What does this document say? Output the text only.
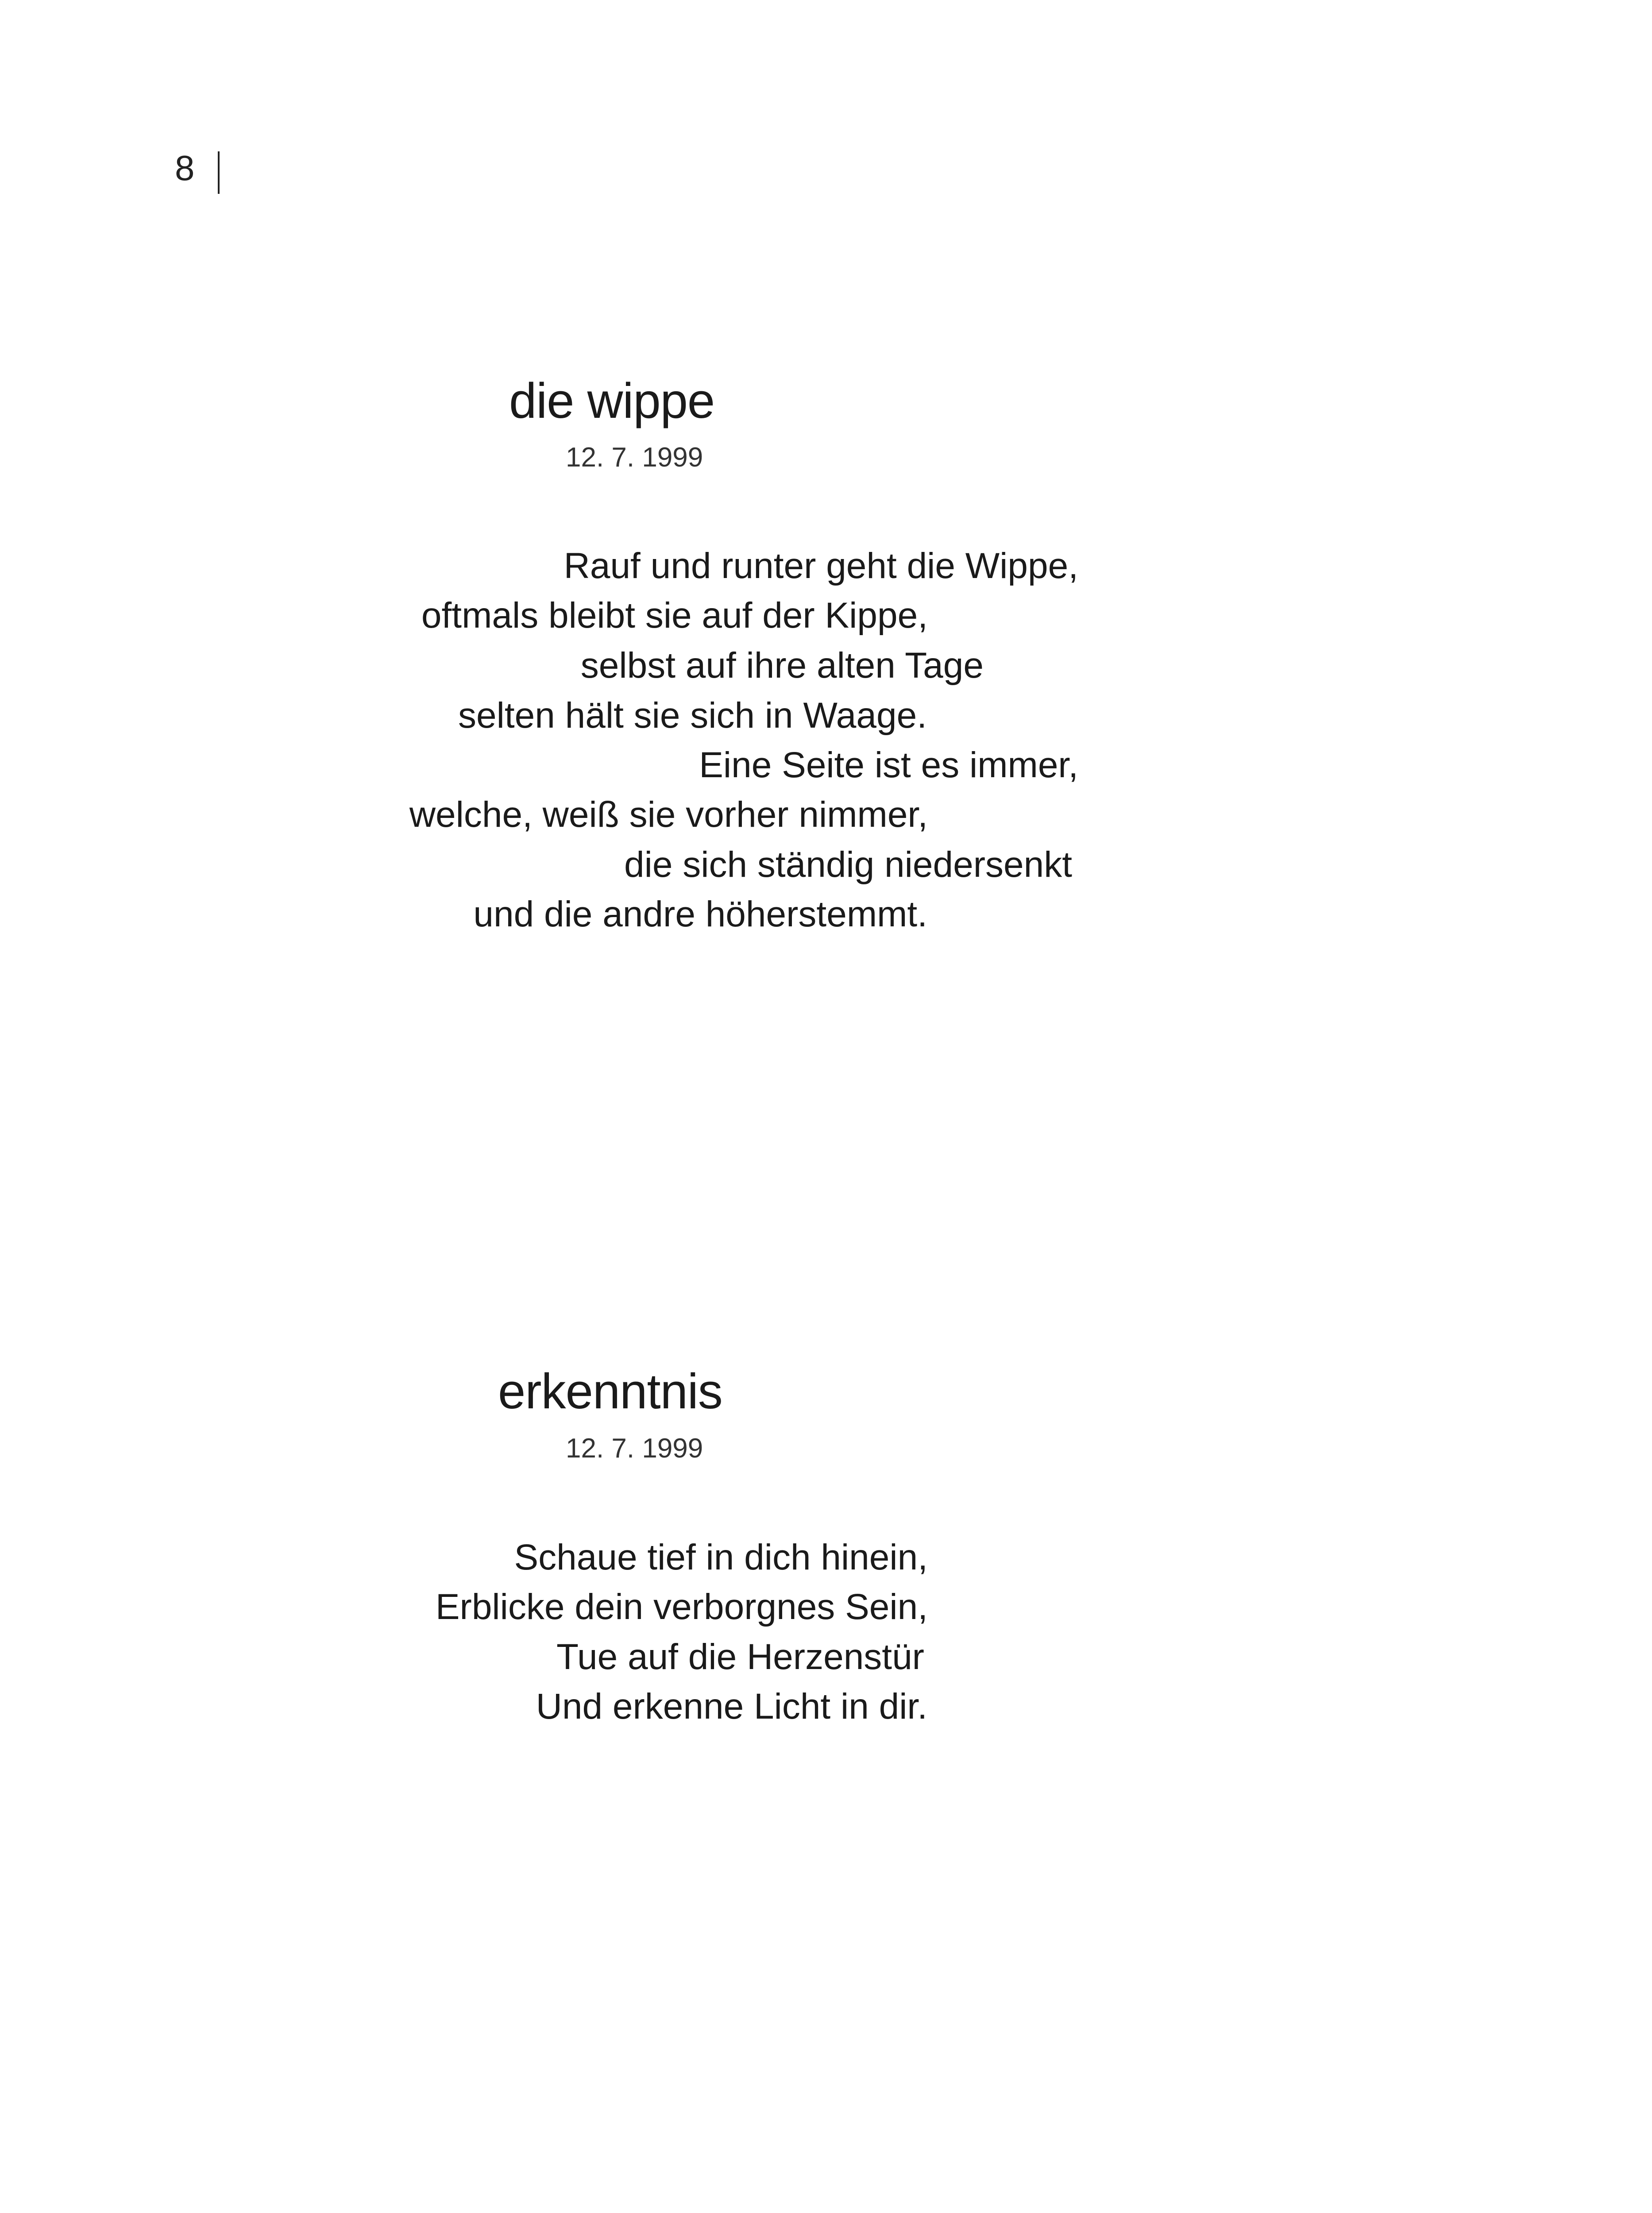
8
die wippe
12. 7. 1999
Rauf und runter geht die Wippe,
oftmals bleibt sie auf der Kippe,
selbst auf ihre alten Tage
selten hält sie sich in Waage.
Eine Seite ist es immer,
welche, weiß sie vorher nimmer,
die sich ständig niedersenkt
und die andre höherstemmt.
erkenntnis
12. 7. 1999
Schaue tief in dich hinein,
Erblicke dein verborgnes Sein,
Tue auf die Herzenstür
Und erkenne Licht in dir.
